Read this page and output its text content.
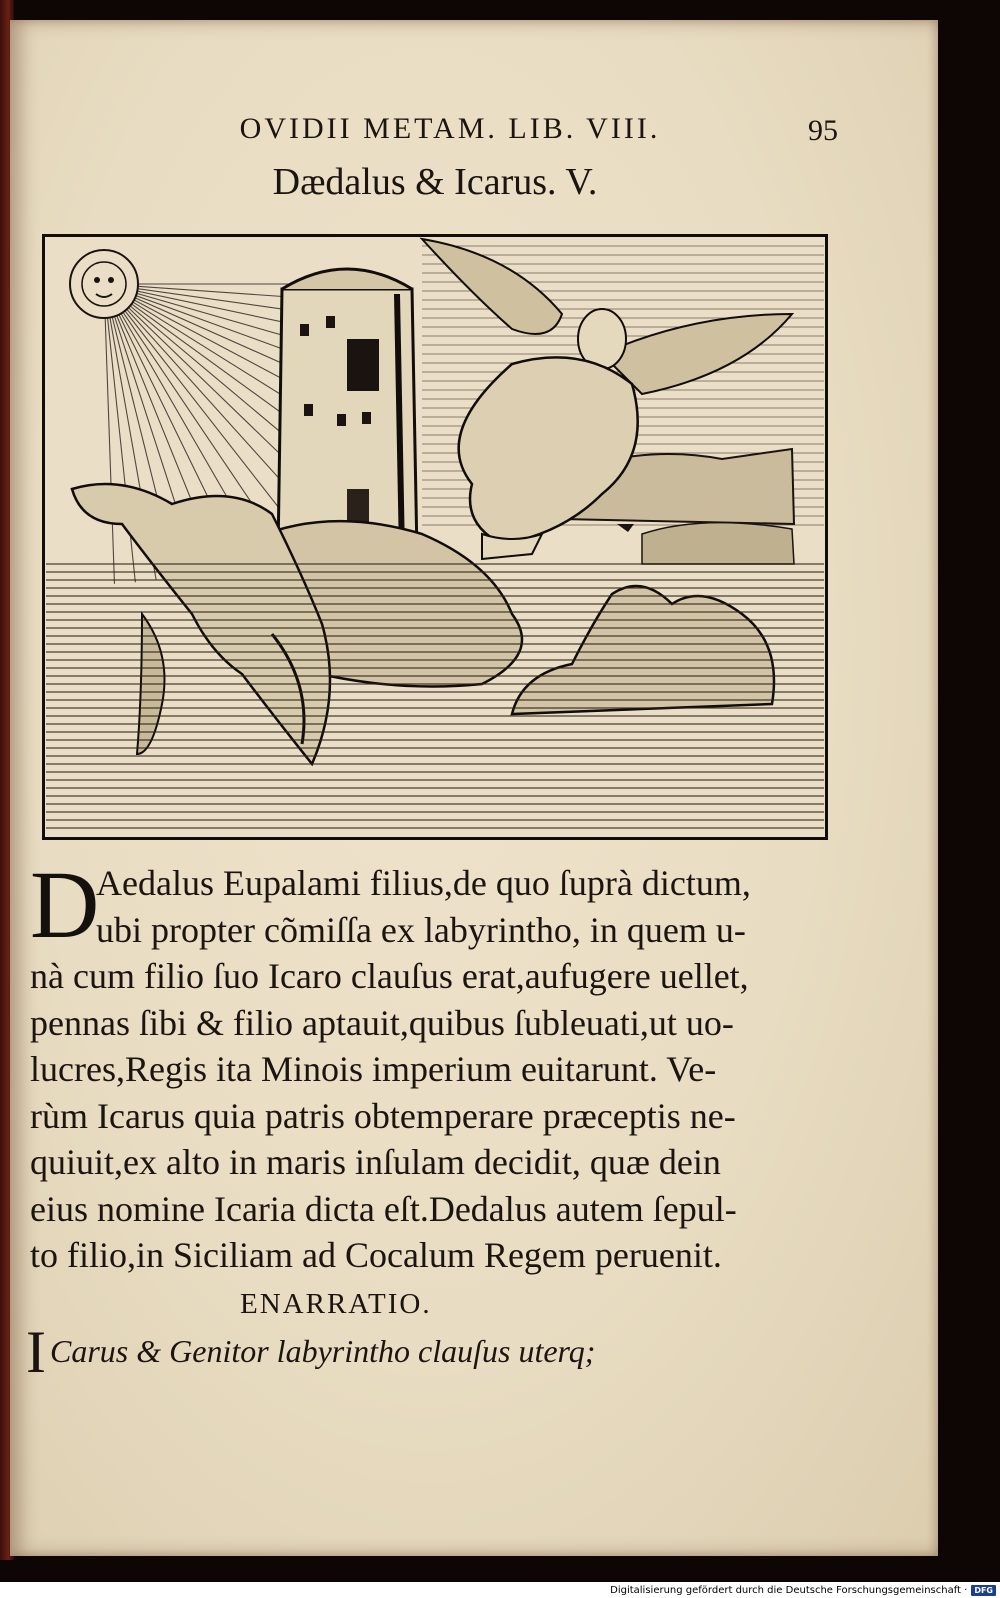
OVIDII METAM. LIB. VIII.	95
Dædalus & Icarus. V.
D
Aedalus Eupalami filius,de quo ſuprà dictum,
ubi propter cõmiſſa ex labyrintho, in quem u-
nà cum filio ſuo Icaro clauſus erat,aufugere uellet,
pennas ſibi & filio aptauit,quibus ſubleuati,ut uo-
lucres,Regis ita Minois imperium euitarunt. Ve-
rùm Icarus quia patris obtemperare præceptis ne-
quiuit,ex alto in maris inſulam decidit, quæ dein
eius nomine Icaria dicta eſt.Dedalus autem ſepul-
to filio,in Siciliam ad Cocalum Regem peruenit.
ENARRATIO.
I Carus & Genitor labyrintho clauſus uterq;
Digitalisierung gefördert durch die Deutsche Forschungsgemeinschaft · DFG
